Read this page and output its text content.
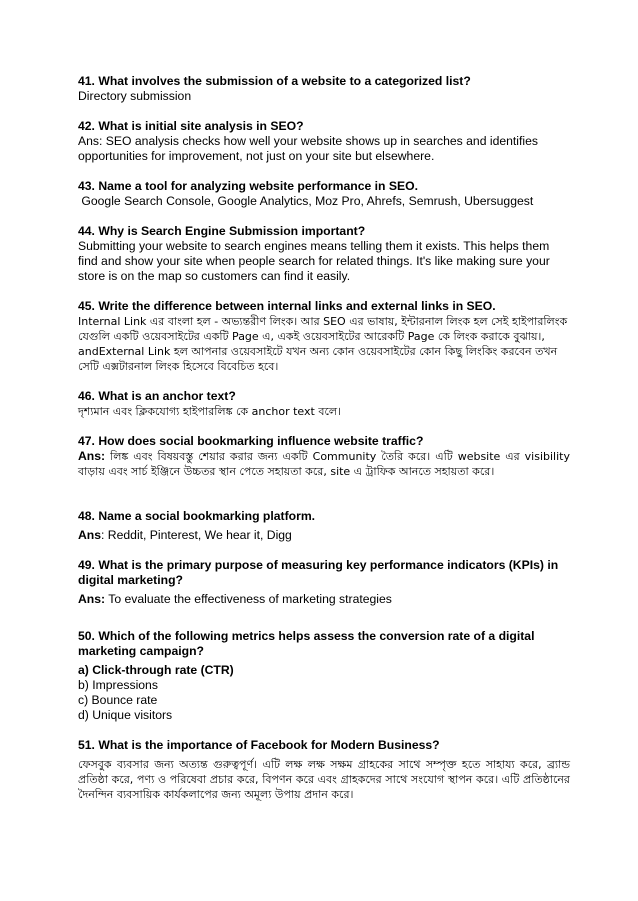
41. What involves the submission of a website to a categorized list?

Directory submission

42. What is initial site analysis in SEO?

Ans: SEO analysis checks how well your website shows up in searches and identifies opportunities for improvement, not just on your site but elsewhere.

43. Name a tool for analyzing website performance in SEO.

Google Search Console, Google Analytics, Moz Pro, Ahrefs, Semrush, Ubersuggest

44. Why is Search Engine Submission important?

Submitting your website to search engines means telling them it exists. This helps them find and show your site when people search for related things. It's like making sure your store is on the map so customers can find it easily.

45. Write the difference between internal links and external links in SEO.

Internal Link এর বাংলা হল - অভ্যন্তরীণ লিংক। আর SEO এর ভাষায়, ইন্টারনাল লিংক হল সেই হাইপারলিংক যেগুলি একটি ওয়েবসাইটের একটি Page এ, একই ওয়েবসাইটের আরেকটি Page কে লিংক করাকে বুঝায়।, andExternal Link হল আপনার ওয়েবসাইটে যখন অন্য কোন ওয়েবসাইটের কোন কিছু লিংকিং করবেন তখন সেটি এক্সটারনাল লিংক হিসেবে বিবেচিত হবে।

46. What is an anchor text?

দৃশ্যমান এবং ক্লিকযোগ্য হাইপারলিঙ্ক কে anchor text বলে।

47. How does social bookmarking influence website traffic?

Ans: লিঙ্ক এবং বিষয়বস্তু শেয়ার করার জন্য একটি Community তৈরি করে। এটি website এর visibility বাড়ায় এবং সার্চ ইঞ্জিনে উচ্চতর স্থান পেতে সহায়তা করে, site এ ট্রাফিক আনতে সহায়তা করে।

48. Name a social bookmarking platform.

Ans: Reddit, Pinterest, We hear it, Digg

49. What is the primary purpose of measuring key performance indicators (KPIs) in digital marketing?

Ans: To evaluate the effectiveness of marketing strategies

50. Which of the following metrics helps assess the conversion rate of a digital marketing campaign?

a) Click-through rate (CTR)
b) Impressions
c) Bounce rate
d) Unique visitors

51. What is the importance of Facebook for Modern Business?

ফেসবুক ব্যবসার জন্য অত্যন্ত গুরুত্বপূর্ণ। এটি লক্ষ লক্ষ সক্ষম গ্রাহকের সাথে সম্পৃক্ত হতে সাহায্য করে, ব্র্যান্ড প্রতিষ্ঠা করে, পণ্য ও পরিষেবা প্রচার করে, বিপণন করে এবং গ্রাহকদের সাথে সংযোগ স্থাপন করে। এটি প্রতিষ্ঠানের দৈনন্দিন ব্যবসায়িক কার্যকলাপের জন্য অমূল্য উপায় প্রদান করে।
